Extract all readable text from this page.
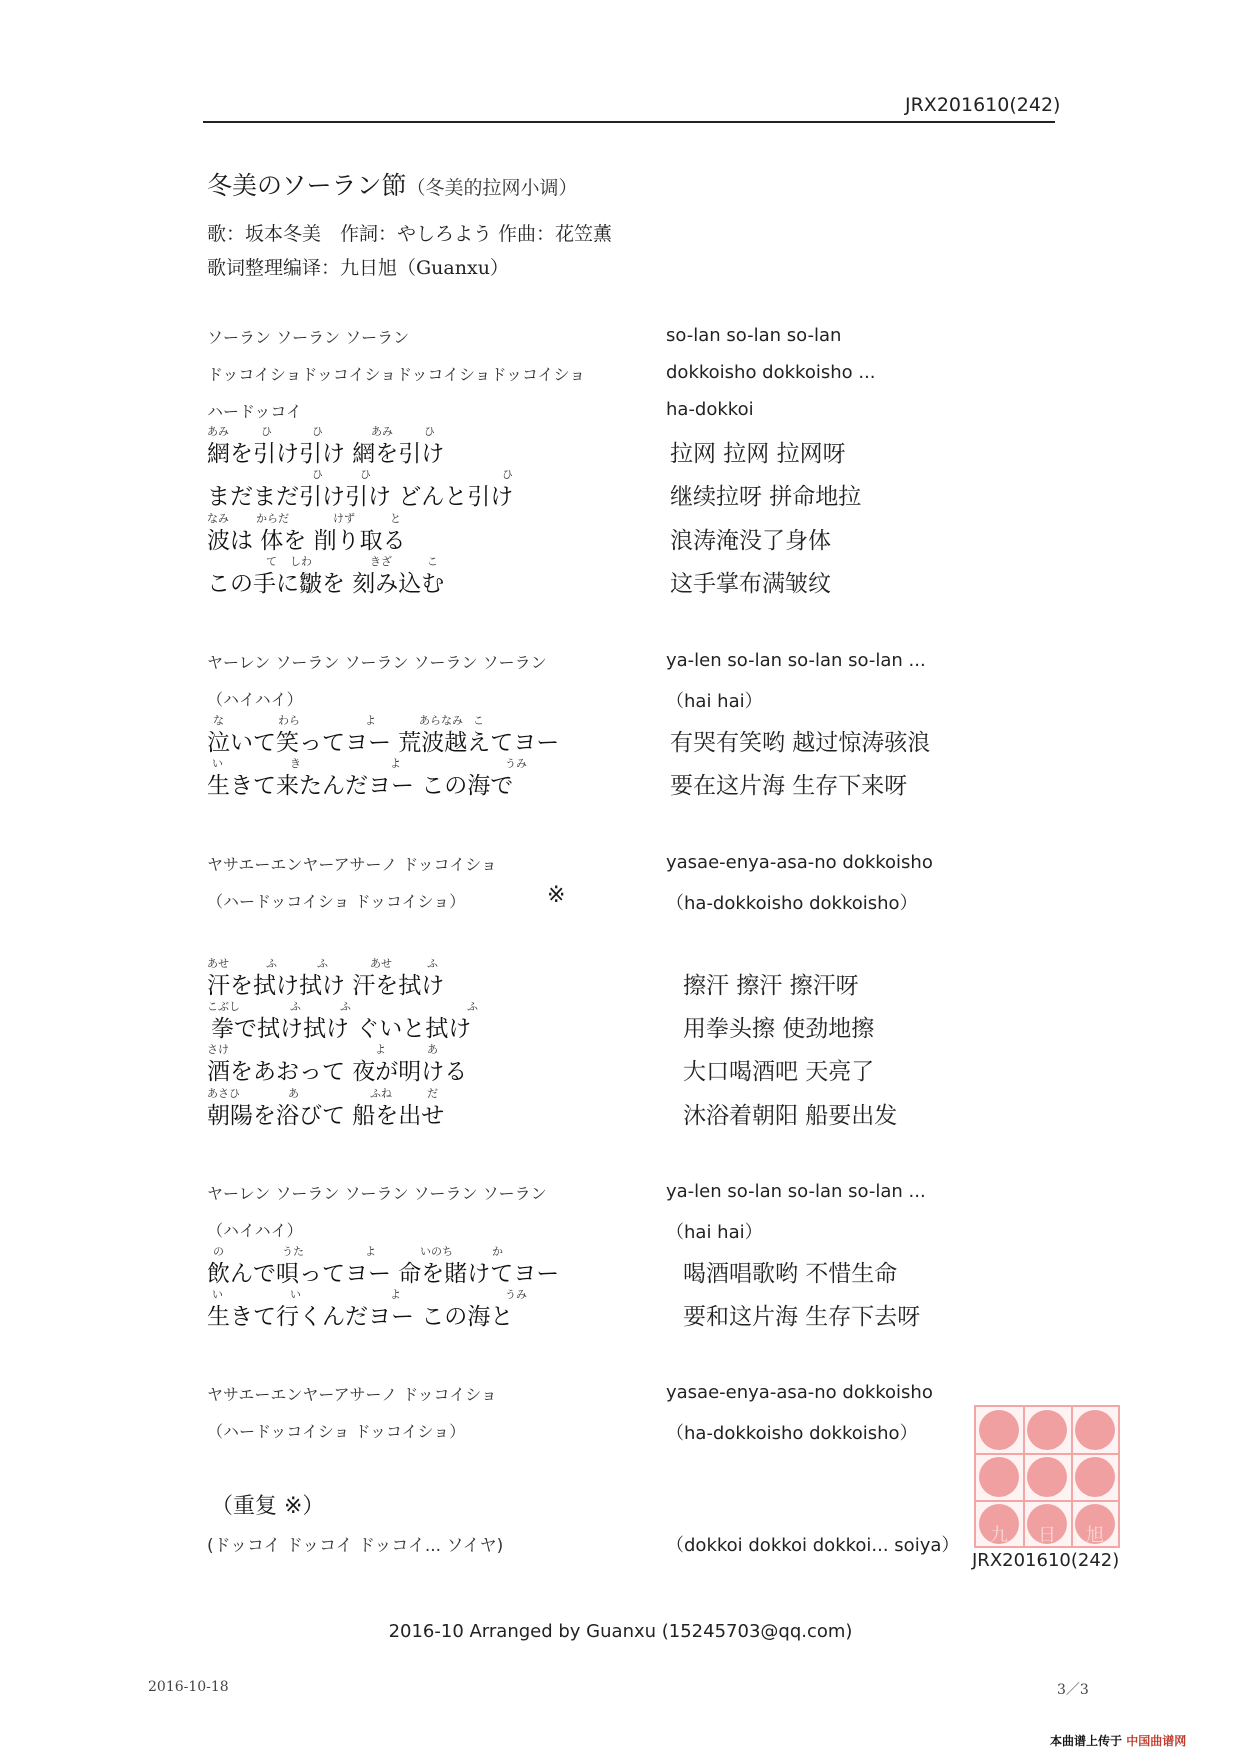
JRX201610(242)
冬美のソーラン節（冬美的拉网小调）
歌：坂本冬美　作詞：やしろよう 作曲：花笠薫
歌词整理编译：九日旭（Guanxu）
ソーラン ソーラン ソーラン	so-lan so-lan so-lan
ドッコイショドッコイショドッコイショドッコイショ	dokkoisho dokkoisho ...
ハードッコイ	ha-dokkoi
あみ	ひ	ひ	あみ	ひ
網を引け引け 網を引け	拉网 拉网 拉网呀
ひ	ひ	ひ
まだまだ引け引け どんと引け	继续拉呀 拼命地拉
なみ からだ	けず	と
波は 体を 削り取る	浪涛淹没了身体
て しわ	きざ	こ
この手に皺を 刻み込む	这手掌布满皱纹
ヤーレン ソーラン ソーラン ソーラン ソーラン	ya-len so-lan so-lan so-lan ...
（ハイハイ）	（hai hai）
な	わら	よ	あらなみ こ
泣いて笑ってヨー 荒波越えてヨー	有哭有笑哟 越过惊涛骇浪
い	き	よ	うみ
生きて来たんだヨー この海で	要在这片海 生存下来呀
ヤサエーエンヤーアサーノ ドッコイショ	yasae-enya-asa-no dokkoisho
（ハードッコイショ ドッコイショ）	※	（ha-dokkoisho dokkoisho）
あせ	ふ	ふ	あせ	ふ
汗を拭け拭け 汗を拭け	擦汗 擦汗 擦汗呀
こぶし	ふ	ふ	ふ
拳で拭け拭け ぐいと拭け	用拳头擦 使劲地擦
さけ	よ	あ
酒をあおって 夜が明ける	大口喝酒吧 天亮了
あさひ	あ	ふね	だ
朝陽を浴びて 船を出せ	沐浴着朝阳 船要出发
ヤーレン ソーラン ソーラン ソーラン ソーラン	ya-len so-lan so-lan so-lan ...
（ハイハイ）	（hai hai）
の	うた	よ	いのち	か
飲んで唄ってヨー 命を賭けてヨー	喝酒唱歌哟 不惜生命
い	い	よ	うみ
生きて行くんだヨー この海と	要和这片海 生存下去呀
ヤサエーエンヤーアサーノ ドッコイショ	yasae-enya-asa-no dokkoisho
（ハードッコイショ ドッコイショ）	（ha-dokkoisho dokkoisho）
（重复 ※）
(ドッコイ ドッコイ ドッコイ... ソイヤ)	（dokkoi dokkoi dokkoi... soiya） 九 日 旭
JRX201610(242)
2016-10 Arranged by Guanxu (15245703@qq.com)
2016-10-18	3／3
本曲谱上传于 中国曲谱网
